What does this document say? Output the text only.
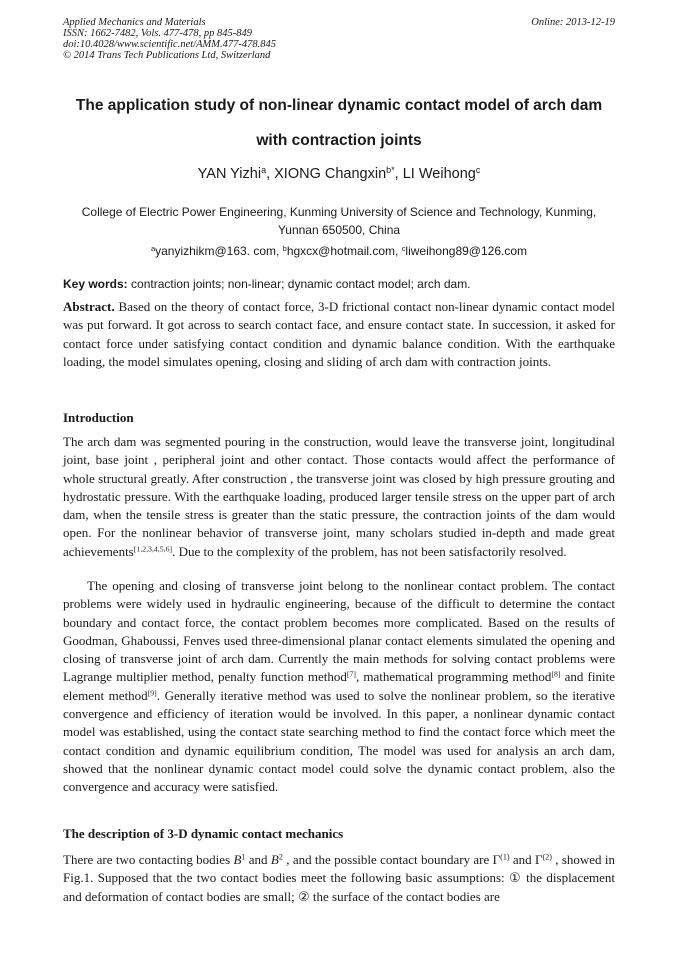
Applied Mechanics and Materials
ISSN: 1662-7482, Vols. 477-478, pp 845-849
doi:10.4028/www.scientific.net/AMM.477-478.845
© 2014 Trans Tech Publications Ltd, Switzerland
Online: 2013-12-19
The application study of non-linear dynamic contact model of arch dam
with contraction joints
YAN Yizhi$^a$, XIONG Changxin$^{b*}$, LI Weihong$^c$
College of Electric Power Engineering, Kunming University of Science and Technology, Kunming,
Yunnan 650500, China
$^a$yanyizhikm@163. com, $^b$hgxcx@hotmail.com, $^c$liweihong89@126.com
Key words: contraction joints; non-linear; dynamic contact model; arch dam.
Abstract. Based on the theory of contact force, 3-D frictional contact non-linear dynamic contact model was put forward. It got across to search contact face, and ensure contact state. In succession, it asked for contact force under satisfying contact condition and dynamic balance condition. With the earthquake loading, the model simulates opening, closing and sliding of arch dam with contraction joints.
Introduction
The arch dam was segmented pouring in the construction, would leave the transverse joint, longitudinal joint, base joint , peripheral joint and other contact. Those contacts would affect the performance of whole structural greatly. After construction , the transverse joint was closed by high pressure grouting and hydrostatic pressure. With the earthquake loading, produced larger tensile stress on the upper part of arch dam, when the tensile stress is greater than the static pressure, the contraction joints of the dam would open. For the nonlinear behavior of transverse joint, many scholars studied in-depth and made great achievements[1,2,3,4,5,6]. Due to the complexity of the problem, has not been satisfactorily resolved.
The opening and closing of transverse joint belong to the nonlinear contact problem. The contact problems were widely used in hydraulic engineering, because of the difficult to determine the contact boundary and contact force, the contact problem becomes more complicated. Based on the results of Goodman, Ghaboussi, Fenves used three-dimensional planar contact elements simulated the opening and closing of transverse joint of arch dam. Currently the main methods for solving contact problems were Lagrange multiplier method, penalty function method[7], mathematical programming method[8] and finite element method[9]. Generally iterative method was used to solve the nonlinear problem, so the iterative convergence and efficiency of iteration would be involved. In this paper, a nonlinear dynamic contact model was established, using the contact state searching method to find the contact force which meet the contact condition and dynamic equilibrium condition, The model was used for analysis an arch dam, showed that the nonlinear dynamic contact model could solve the dynamic contact problem, also the convergence and accuracy were satisfied.
The description of 3-D dynamic contact mechanics
There are two contacting bodies $B^1$ and $B^2$ , and the possible contact boundary are $\Gamma^{(1)}$ and $\Gamma^{(2)}$ , showed in Fig.1. Supposed that the two contact bodies meet the following basic assumptions: ① the displacement and deformation of contact bodies are small; ② the surface of the contact bodies are
